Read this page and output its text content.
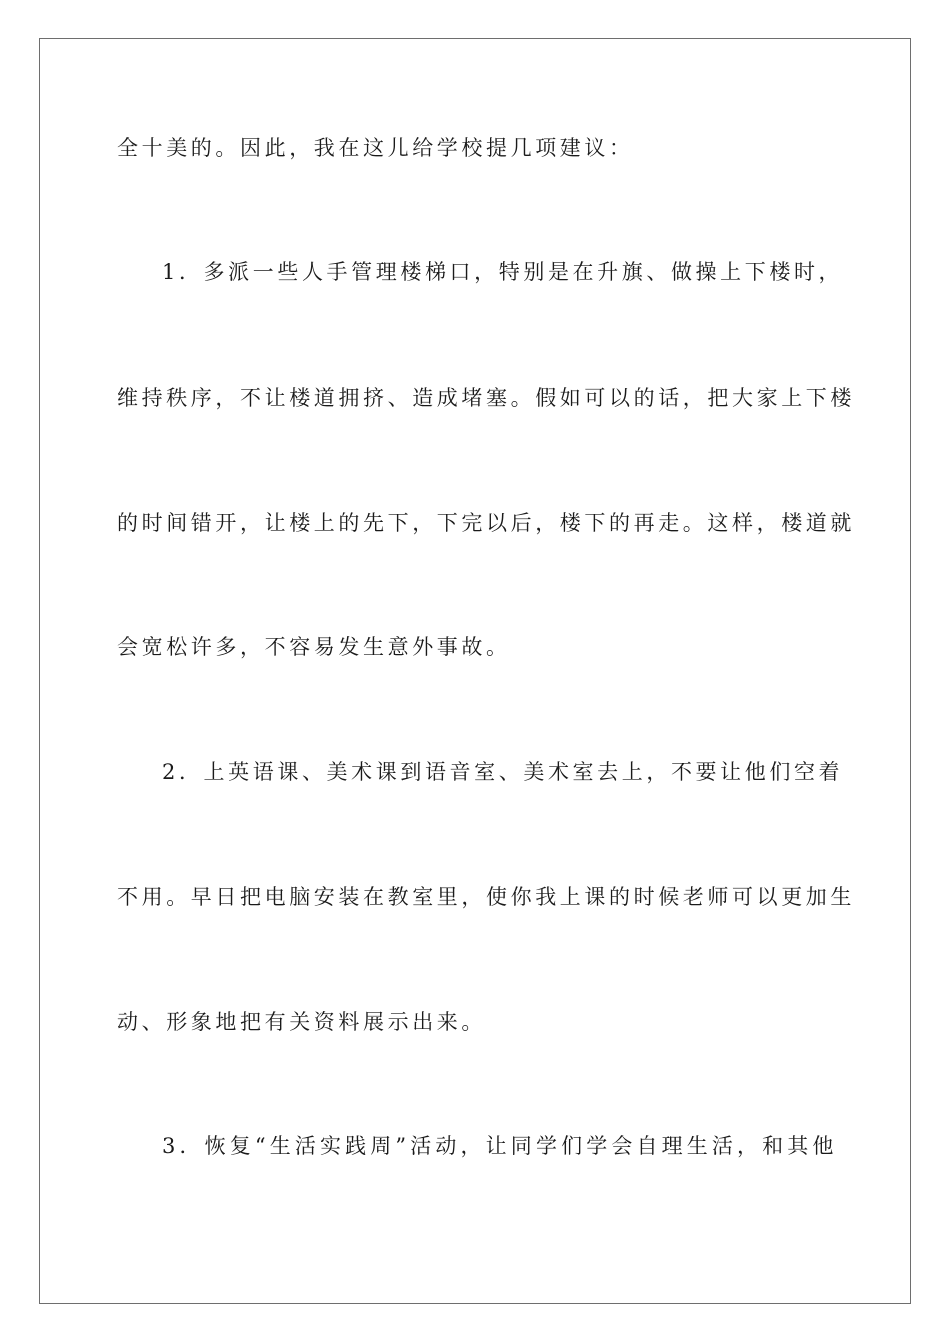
全十美的。因此，我在这儿给学校提几项建议：

1．多派一些人手管理楼梯口，特别是在升旗、做操上下楼时，

维持秩序，不让楼道拥挤、造成堵塞。假如可以的话，把大家上下楼

的时间错开，让楼上的先下，下完以后，楼下的再走。这样，楼道就

会宽松许多，不容易发生意外事故。

2．上英语课、美术课到语音室、美术室去上，不要让他们空着

不用。早日把电脑安装在教室里，使你我上课的时候老师可以更加生

动、形象地把有关资料展示出来。

3．恢复“生活实践周”活动，让同学们学会自理生活，和其他
